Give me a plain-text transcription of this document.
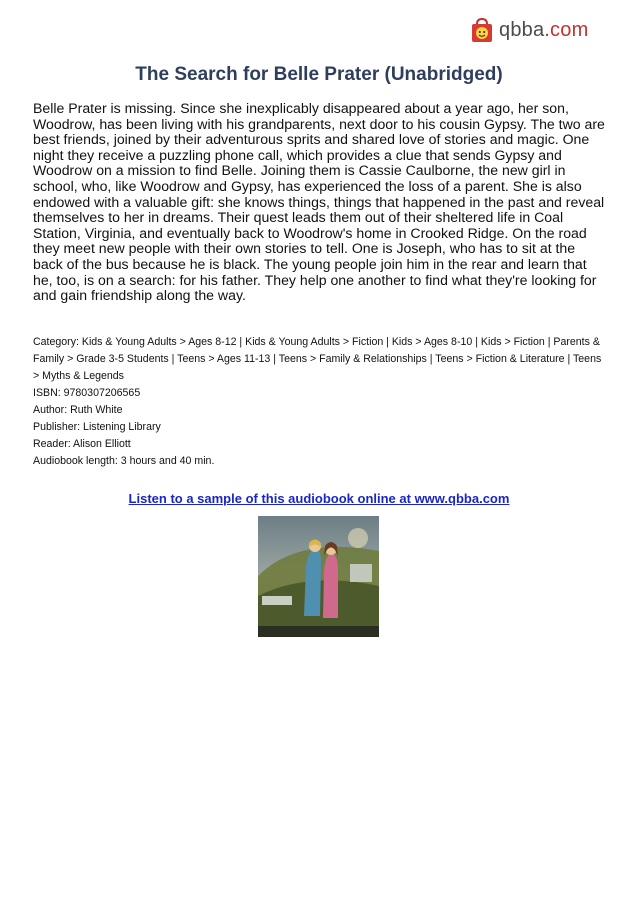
qbba.com
The Search for Belle Prater (Unabridged)
Belle Prater is missing. Since she inexplicably disappeared about a year ago, her son, Woodrow, has been living with his grandparents, next door to his cousin Gypsy. The two are best friends, joined by their adventurous sprits and shared love of stories and magic. One night they receive a puzzling phone call, which provides a clue that sends Gypsy and Woodrow on a mission to find Belle. Joining them is Cassie Caulborne, the new girl in school, who, like Woodrow and Gypsy, has experienced the loss of a parent. She is also endowed with a valuable gift: she knows things, things that happened in the past and reveal themselves to her in dreams. Their quest leads them out of their sheltered life in Coal Station, Virginia, and eventually back to Woodrow's home in Crooked Ridge. On the road they meet new people with their own stories to tell. One is Joseph, who has to sit at the back of the bus because he is black. The young people join him in the rear and learn that he, too, is on a search: for his father. They help one another to find what they're looking for and gain friendship along the way.
Category: Kids & Young Adults > Ages 8-12 | Kids & Young Adults > Fiction | Kids > Ages 8-10 | Kids > Fiction | Parents & Family > Grade 3-5 Students | Teens > Ages 11-13 | Teens > Family & Relationships | Teens > Fiction & Literature | Teens > Myths & Legends
ISBN: 9780307206565
Author: Ruth White
Publisher: Listening Library
Reader: Alison Elliott
Audiobook length: 3 hours and 40 min.
Listen to a sample of this audiobook online at www.qbba.com
